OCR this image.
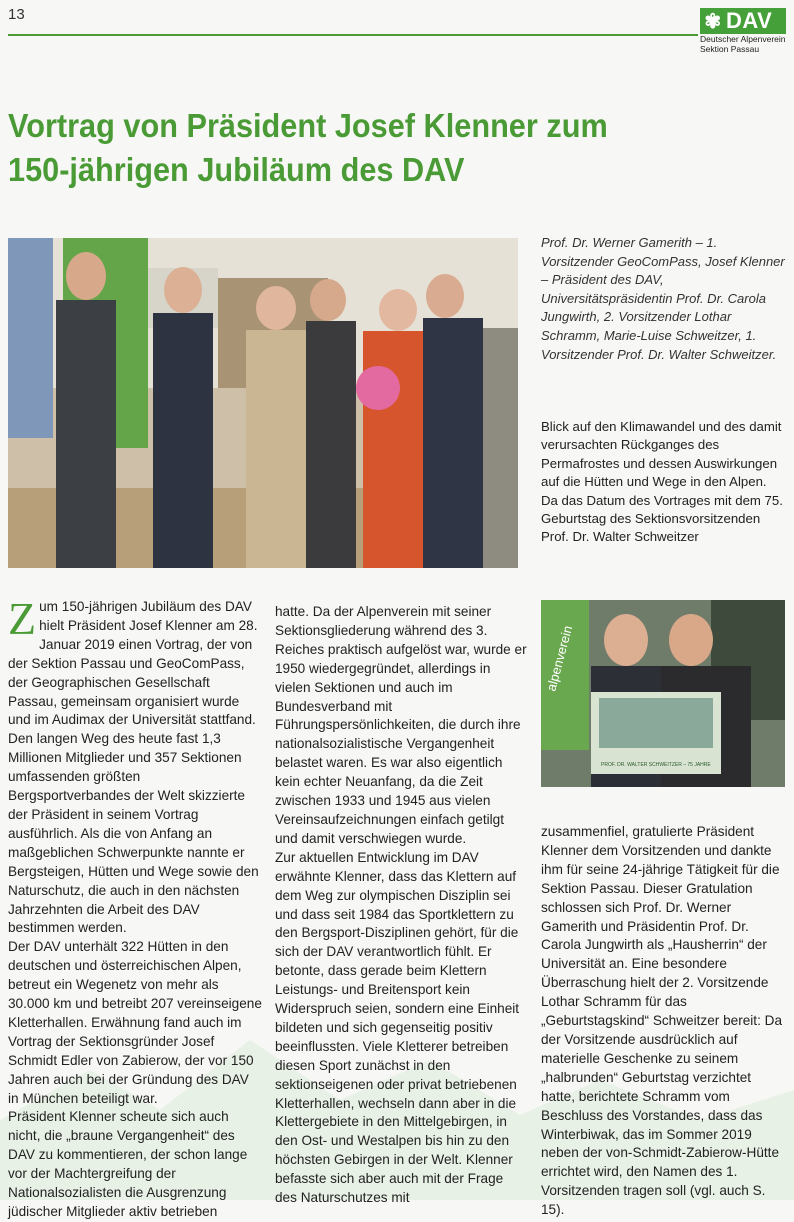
13	✾ DAV
Deutscher Alpenverein
Sektion Passau
Vortrag von Präsident Josef Klenner zum
150-jährigen Jubiläum des DAV
Prof. Dr. Werner Gamerith – 1. Vorsitzender GeoComPass, Josef Klenner – Präsident des DAV, Universitätspräsidentin Prof. Dr. Carola Jungwirth, 2. Vorsitzender Lothar Schramm, Marie-Luise Schweitzer, 1. Vorsitzender Prof. Dr. Walter Schweitzer.
Blick auf den Klimawandel und des damit verursachten Rückganges des Permafrostes und dessen Auswirkungen auf die Hütten und Wege in den Alpen.
Da das Datum des Vortrages mit dem 75. Geburtstag des Sektionsvorsitzenden Prof. Dr. Walter Schweitzer
alpenverein
PROF. DR. WALTER SCHWEITZER – 75 JAHRE
Zum 150-jährigen Jubiläum des DAV
hielt Präsident Josef Klenner am 28. Januar 2019 einen Vortrag, der von der Sektion Passau und GeoComPass, der Geographischen Gesellschaft Passau, gemeinsam organisiert wurde und im Audimax der Universität stattfand. Den langen Weg des heute fast 1,3 Millionen Mitglieder und 357 Sektionen umfassenden größten Bergsportverbandes der Welt skizzierte der Präsident in seinem Vortrag ausführlich. Als die von Anfang an maßgeblichen Schwerpunkte nannte er Bergsteigen, Hütten und Wege sowie den Naturschutz, die auch in den nächsten Jahrzehnten die Arbeit des DAV bestimmen werden.
Der DAV unterhält 322 Hütten in den deutschen und österreichischen Alpen, betreut ein Wegenetz von mehr als 30.000 km und betreibt 207 vereinseigene Kletterhallen. Erwähnung fand auch im Vortrag der Sektionsgründer Josef Schmidt Edler von Zabierow, der vor 150 Jahren auch bei der Gründung des DAV in München beteiligt war.
Präsident Klenner scheute sich auch nicht, die „braune Vergangenheit“ des DAV zu kommentieren, der schon lange vor der Machtergreifung der Nationalsozialisten die Ausgrenzung jüdischer Mitglieder aktiv betrieben
hatte. Da der Alpenverein mit seiner Sektionsgliederung während des 3. Reiches praktisch aufgelöst war, wurde er 1950 wiedergegründet, allerdings in vielen Sektionen und auch im Bundesverband mit Führungspersönlichkeiten, die durch ihre nationalsozialistische Vergangenheit belastet waren. Es war also eigentlich kein echter Neuanfang, da die Zeit zwischen 1933 und 1945 aus vielen Vereinsaufzeichnungen einfach getilgt und damit verschwiegen wurde.
Zur aktuellen Entwicklung im DAV erwähnte Klenner, dass das Klettern auf dem Weg zur olympischen Disziplin sei und dass seit 1984 das Sportklettern zu den Bergsport-Disziplinen gehört, für die sich der DAV verantwortlich fühlt. Er betonte, dass gerade beim Klettern Leistungs- und Breitensport kein Widerspruch seien, sondern eine Einheit bildeten und sich gegenseitig positiv beeinflussten. Viele Kletterer betreiben diesen Sport zunächst in den sektionseigenen oder privat betriebenen Kletterhallen, wechseln dann aber in die Klettergebiete in den Mittelgebirgen, in den Ost- und Westalpen bis hin zu den höchsten Gebirgen in der Welt. Klenner befasste sich aber auch mit der Frage des Naturschutzes mit
zusammenfiel, gratulierte Präsident Klenner dem Vorsitzenden und dankte ihm für seine 24-jährige Tätigkeit für die Sektion Passau. Dieser Gratulation schlossen sich Prof. Dr. Werner Gamerith und Präsidentin Prof. Dr. Carola Jungwirth als „Hausherrin“ der Universität an. Eine besondere Überraschung hielt der 2. Vorsitzende Lothar Schramm für das „Geburtstagskind“ Schweitzer bereit: Da der Vorsitzende ausdrücklich auf materielle Geschenke zu seinem „halbrunden“ Geburtstag verzichtet hatte, berichtete Schramm vom Beschluss des Vorstandes, dass das Winterbiwak, das im Sommer 2019 neben der von-Schmidt-Zabierow-Hütte errichtet wird, den Namen des 1. Vorsitzenden tragen soll (vgl. auch S. 15).
